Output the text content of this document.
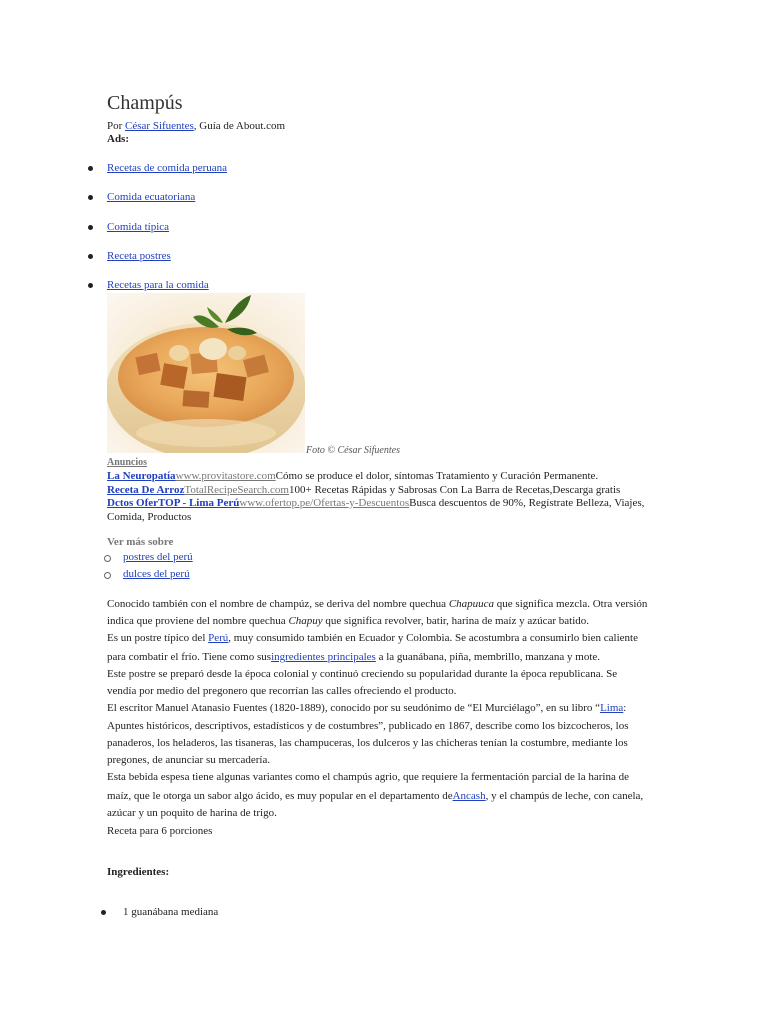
Champús
Por César Sifuentes, Guía de About.com
Ads:
Recetas de comida peruana
Comida ecuatoriana
Comida típica
Receta postres
Recetas para la comida
Foto © César Sifuentes
Anuncios
La Neuropatíawww.provitastore.comCómo se produce el dolor, síntomas Tratamiento y Curación Permanente.
Receta De ArrozTotalRecipeSearch.com100+ Recetas Rápidas y Sabrosas Con La Barra de Recetas,Descarga gratis
Dctos OferTOP - Lima Perúwww.ofertop.pe/Ofertas-y-DescuentosBusca descuentos de 90%, Regístrate Belleza, Viajes,
Comida, Productos
Ver más sobre
postres del perú
dulces del perú
Conocido también con el nombre de champúz, se deriva del nombre quechua Chapuuca que significa mezcla. Otra versión
indica que proviene del nombre quechua Chapuy que significa revolver, batir, harina de maíz y azúcar batido.
Es un postre típico del Perú, muy consumido también en Ecuador y Colombia. Se acostumbra a consumirlo bien caliente
para combatir el frío. Tiene como susingredientes principales a la guanábana, piña, membrillo, manzana y mote.
Este postre se preparó desde la época colonial y continuó creciendo su popularidad durante la época republicana. Se
vendía por medio del pregonero que recorrían las calles ofreciendo el producto.
El escritor Manuel Atanasio Fuentes (1820-1889), conocido por su seudónimo de “El Murciélago”, en su libro “Lima:
Apuntes históricos, descriptivos, estadísticos y de costumbres”, publicado en 1867, describe como los bizcocheros, los
panaderos, los heladeros, las tisaneras, las champuceras, los dulceros y las chicheras tenían la costumbre, mediante los
pregones, de anunciar su mercadería.
Esta bebida espesa tiene algunas variantes como el champús agrio, que requiere la fermentación parcial de la harina de
maíz, que le otorga un sabor algo ácido, es muy popular en el departamento deAncash, y el champús de leche, con canela,
azúcar y un poquito de harina de trigo.
Receta para 6 porciones
Ingredientes:
1 guanábana mediana
